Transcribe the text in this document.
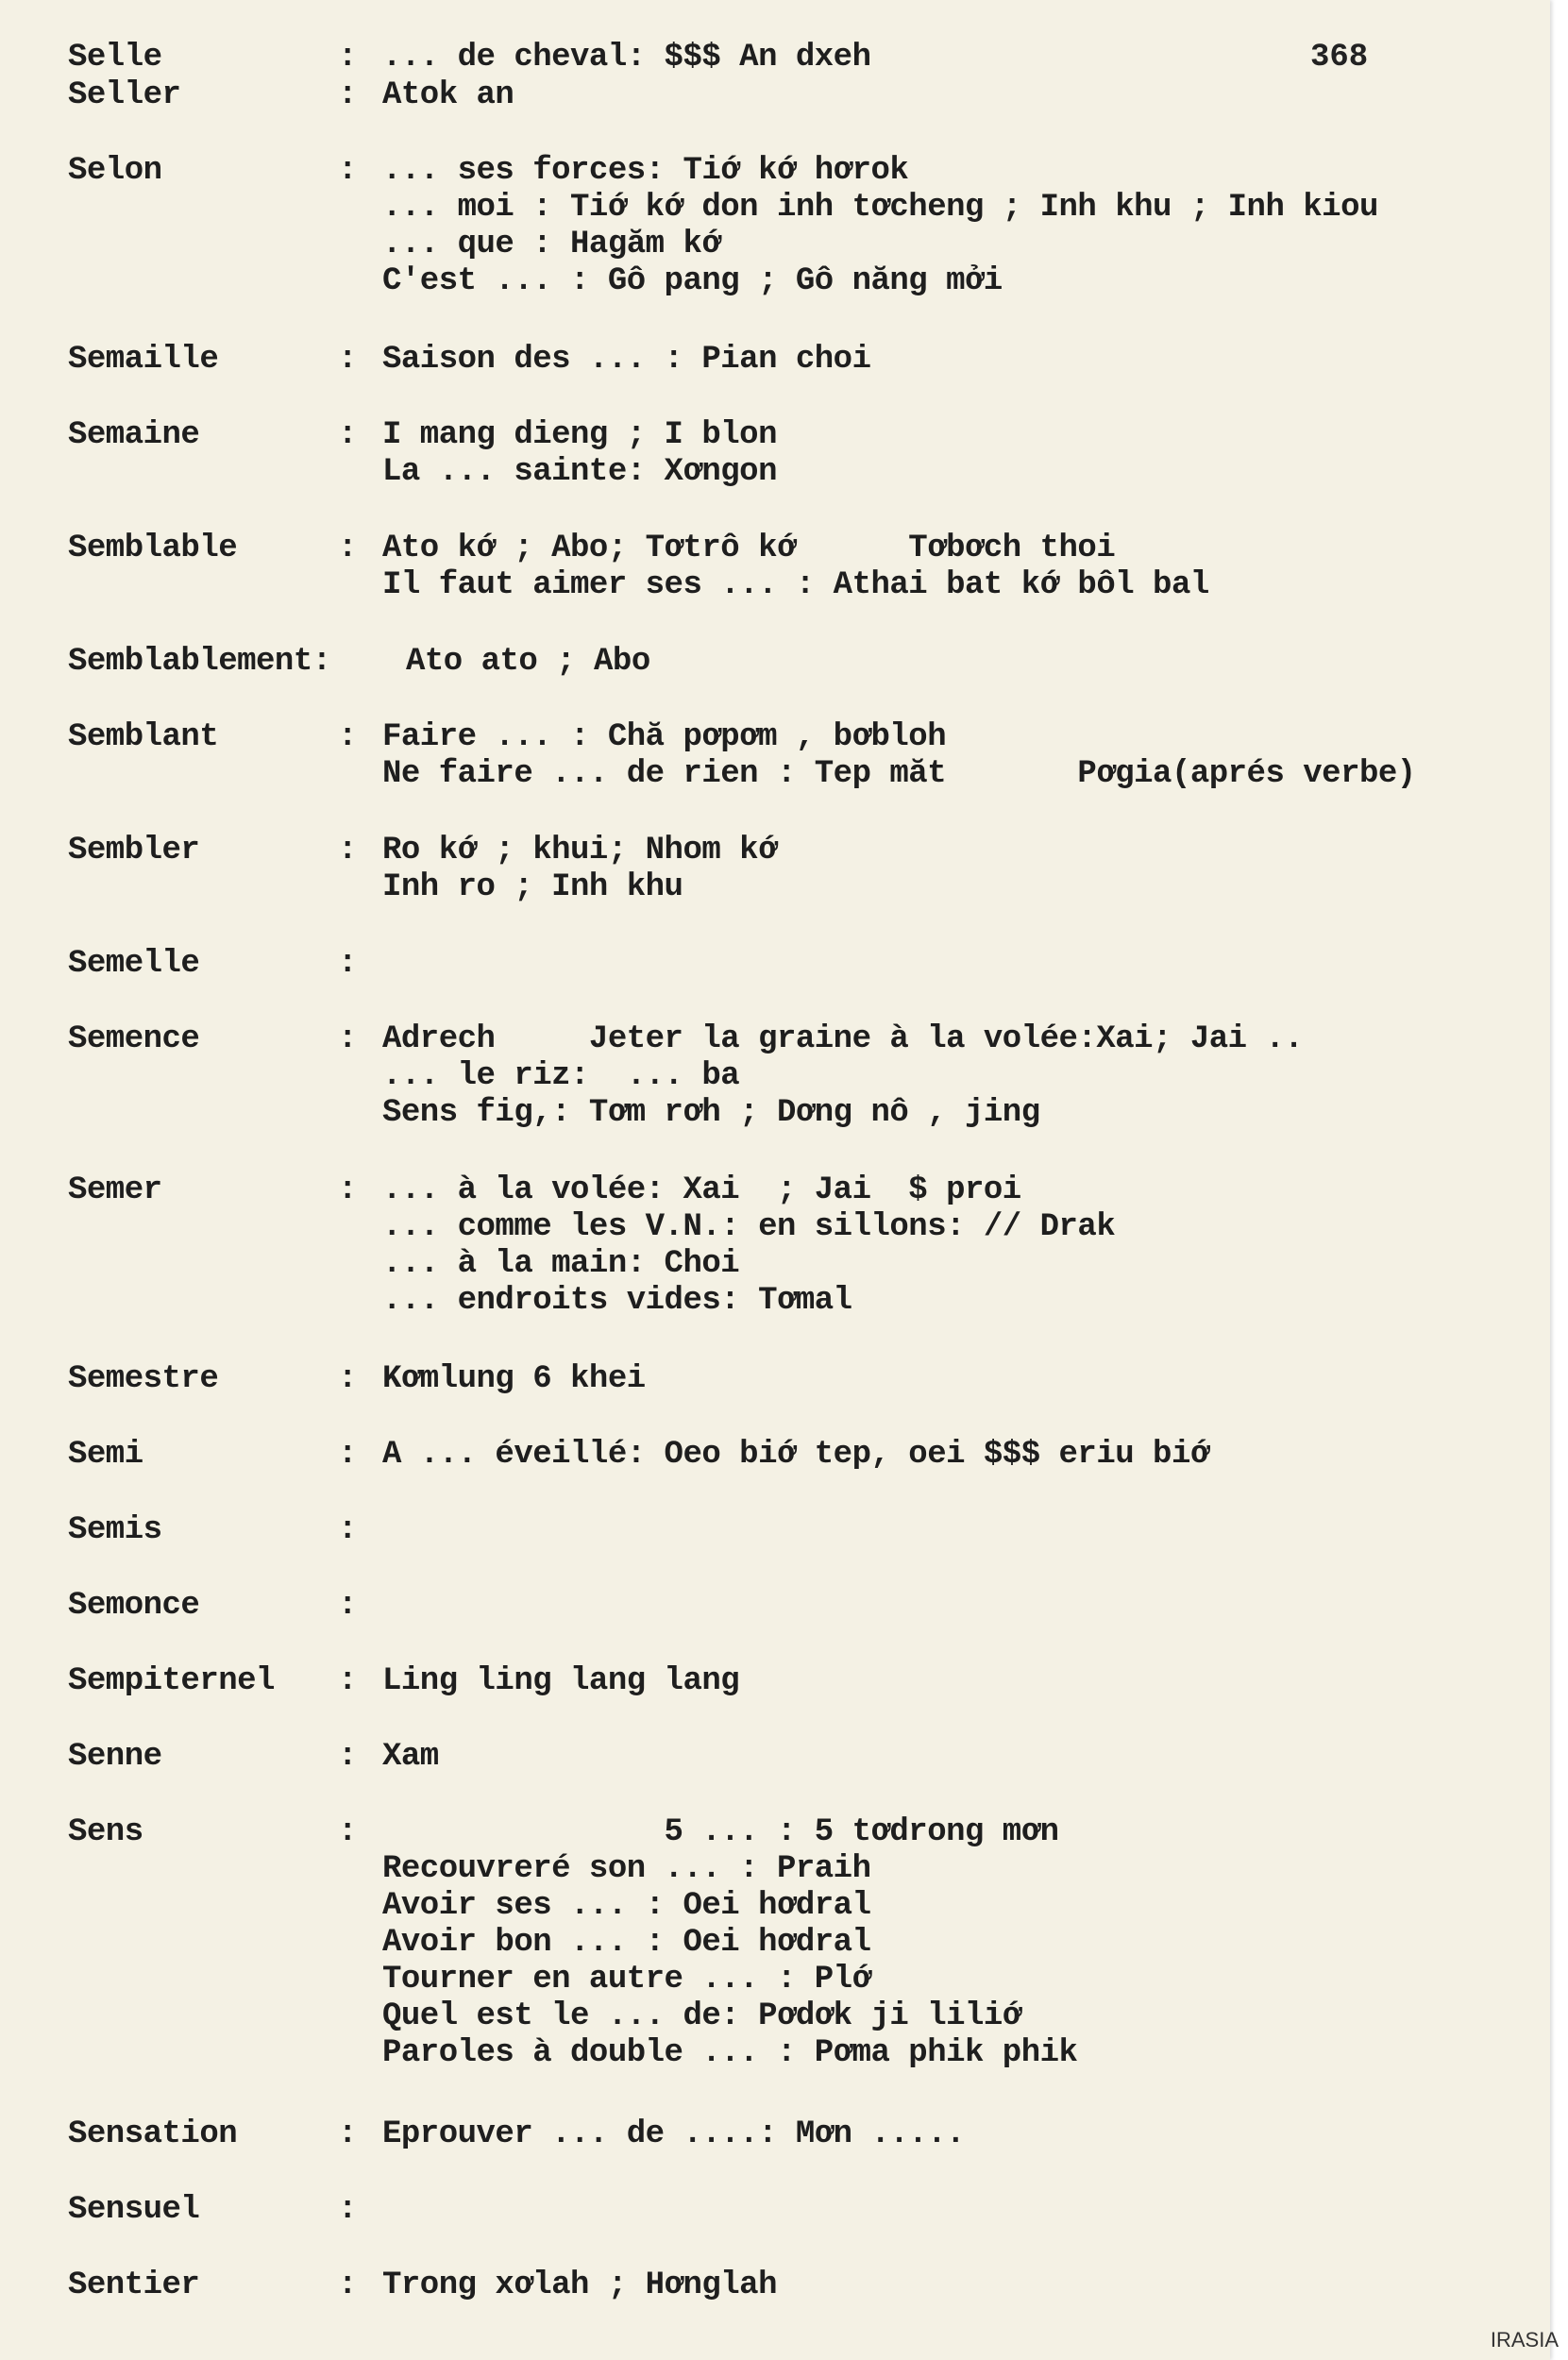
368
Selle	: ... de cheval: $$$ An dxeh
Seller	: Atok an
Selon	: ... ses forces: Tiớ kớ hơrok
... moi : Tiớ kớ don inh tơcheng ; Inh khu ; Inh kiou
... que : Hagăm kớ
C'est ... : Gô pang ; Gô năng mởi
Semaille	: Saison des ... : Pian choi
Semaine	: I mang dieng ; I blon
La ... sainte: Xơngon
Semblable	: Ato kớ ; Abo; Tơtrô kớ      Tơbơch thoi
Il faut aimer ses ... : Athai bat kớ bôl bal
Semblablement: Ato ato ; Abo
Semblant	: Faire ... : Chă pơpơm , bơbloh
Ne faire ... de rien : Tep măt       Pơgia(aprés verbe)
Sembler	: Ro kớ ; khui; Nhom kớ
Inh ro ; Inh khu
Semelle	:
Semence	: Adrech     Jeter la graine à la volée:Xai; Jai ..
... le riz:  ... ba
Sens fig,: Tơm rơh ; Dơng nô , jing
Semer	: ... à la volée: Xai  ; Jai  $ proi
... comme les V.N.: en sillons: // Drak
... à la main: Choi
... endroits vides: Tơmal
Semestre	: Kơmlung 6 khei
Semi	: A ... éveillé: Oeo biớ tep, oei $$$ eriu biớ
Semis	:
Semonce	:
Sempiternel : Ling ling lang lang
Senne	: Xam
Sens	: 5 ... : 5 tơdrong mơn
Recouvreré son ... : Praih
Avoir ses ... : Oei hơdral
Avoir bon ... : Oei hơdral
Tourner en autre ... : Plớ
Quel est le ... de: Pơdơk ji liliớ
Paroles à double ... : Pơma phik phik
Sensation	: Eprouver ... de ....: Mơn .....
Sensuel	:
Sentier	: Trong xơlah ; Hơnglah
IRASIA
